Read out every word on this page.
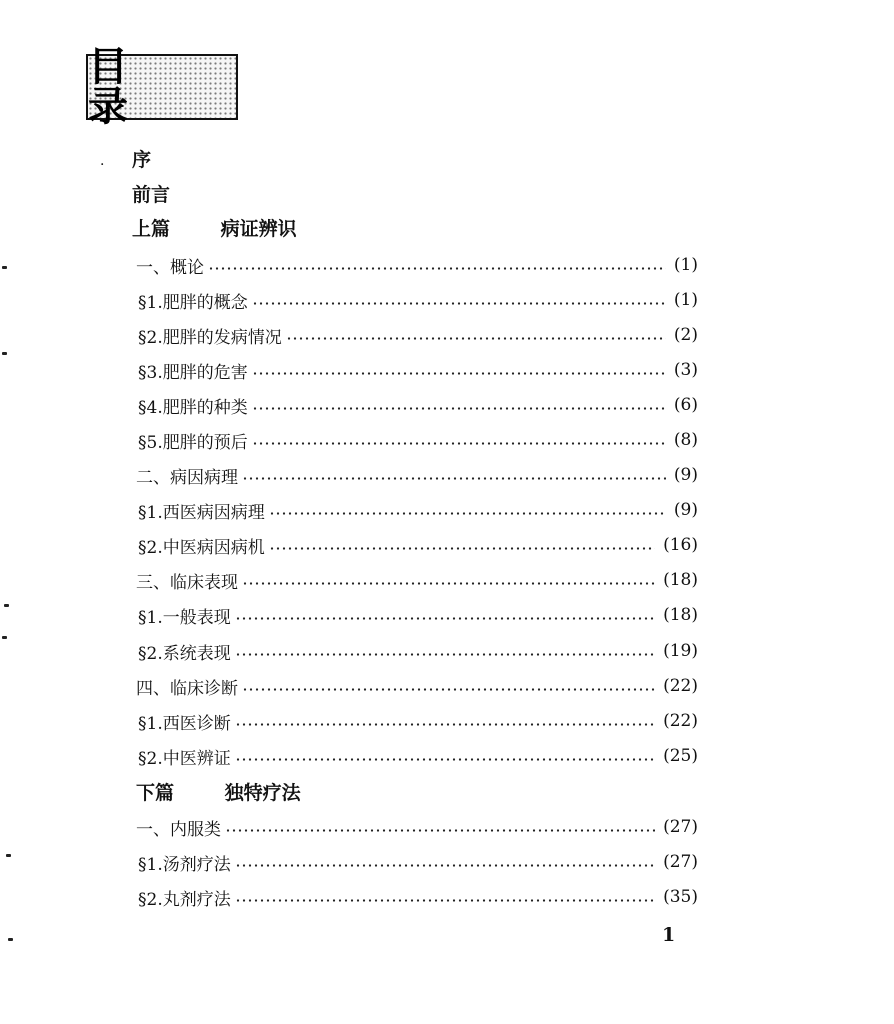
目 录
· 序
前言
上篇	病证辨识
一、概论	(1)
§1.肥胖的概念	(1)
§2.肥胖的发病情况	(2)
§3.肥胖的危害	(3)
§4.肥胖的种类	(6)
§5.肥胖的预后	(8)
二、病因病理	(9)
§1.西医病因病理	(9)
§2.中医病因病机	(16)
三、临床表现	(18)
§1.一般表现	(18)
§2.系统表现	(19)
四、临床诊断	(22)
§1.西医诊断	(22)
§2.中医辨证	(25)
下篇	独特疗法
一、内服类	(27)
§1.汤剂疗法	(27)
§2.丸剂疗法	(35)
1
